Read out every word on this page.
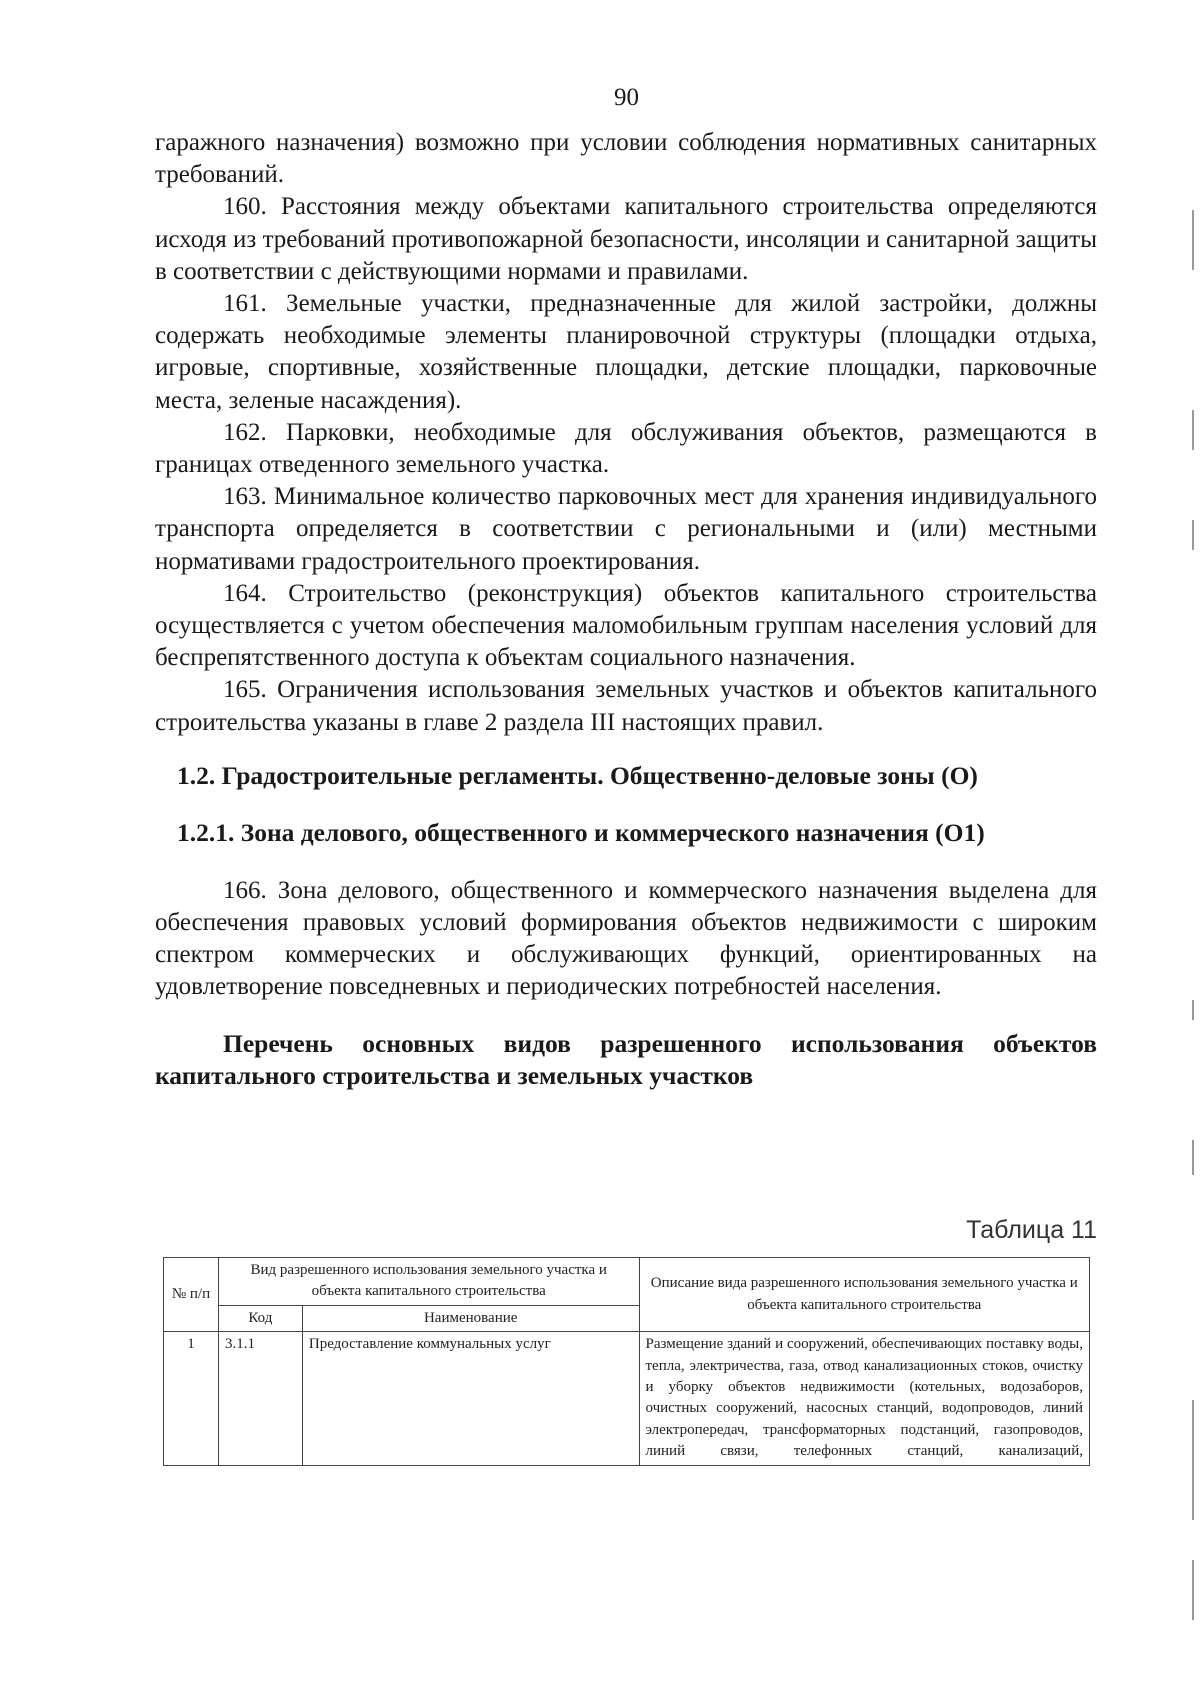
90

гаражного назначения) возможно при условии соблюдения нормативных санитарных требований.

160. Расстояния между объектами капитального строительства определяются исходя из требований противопожарной безопасности, инсоляции и санитарной защиты в соответствии с действующими нормами и правилами.

161. Земельные участки, предназначенные для жилой застройки, должны содержать необходимые элементы планировочной структуры (площадки отдыха, игровые, спортивные, хозяйственные площадки, детские площадки, парковочные места, зеленые насаждения).

162. Парковки, необходимые для обслуживания объектов, размещаются в границах отведенного земельного участка.

163. Минимальное количество парковочных мест для хранения индивидуального транспорта определяется в соответствии с региональными и (или) местными нормативами градостроительного проектирования.

164. Строительство (реконструкция) объектов капитального строительства осуществляется с учетом обеспечения маломобильным группам населения условий для беспрепятственного доступа к объектам социального назначения.

165. Ограничения использования земельных участков и объектов капитального строительства указаны в главе 2 раздела III настоящих правил.

1.2. Градостроительные регламенты. Общественно-деловые зоны (О)
1.2.1. Зона делового, общественного и коммерческого назначения (О1)

166. Зона делового, общественного и коммерческого назначения выделена для обеспечения правовых условий формирования объектов недвижимости с широким спектром коммерческих и обслуживающих функций, ориентированных на удовлетворение повседневных и периодических потребностей населения.

Перечень основных видов разрешенного использования объектов капитального строительства и земельных участков
Таблица 11
№ п/п	Вид разрешенного использования земельного участка и объекта капитального строительства		Описание вида разрешенного использования земельного участка и объекта капитального строительства
	Код	Наименование	
1	3.1.1	Предоставление коммунальных услуг	Размещение зданий и сооружений, обеспечивающих поставку воды, тепла, электричества, газа, отвод канализационных стоков, очистку и уборку объектов недвижимости (котельных, водозаборов, очистных сооружений, насосных станций, водопроводов, линий электропередач, трансформаторных подстанций, газопроводов, линий связи, телефонных станций, канализаций,
